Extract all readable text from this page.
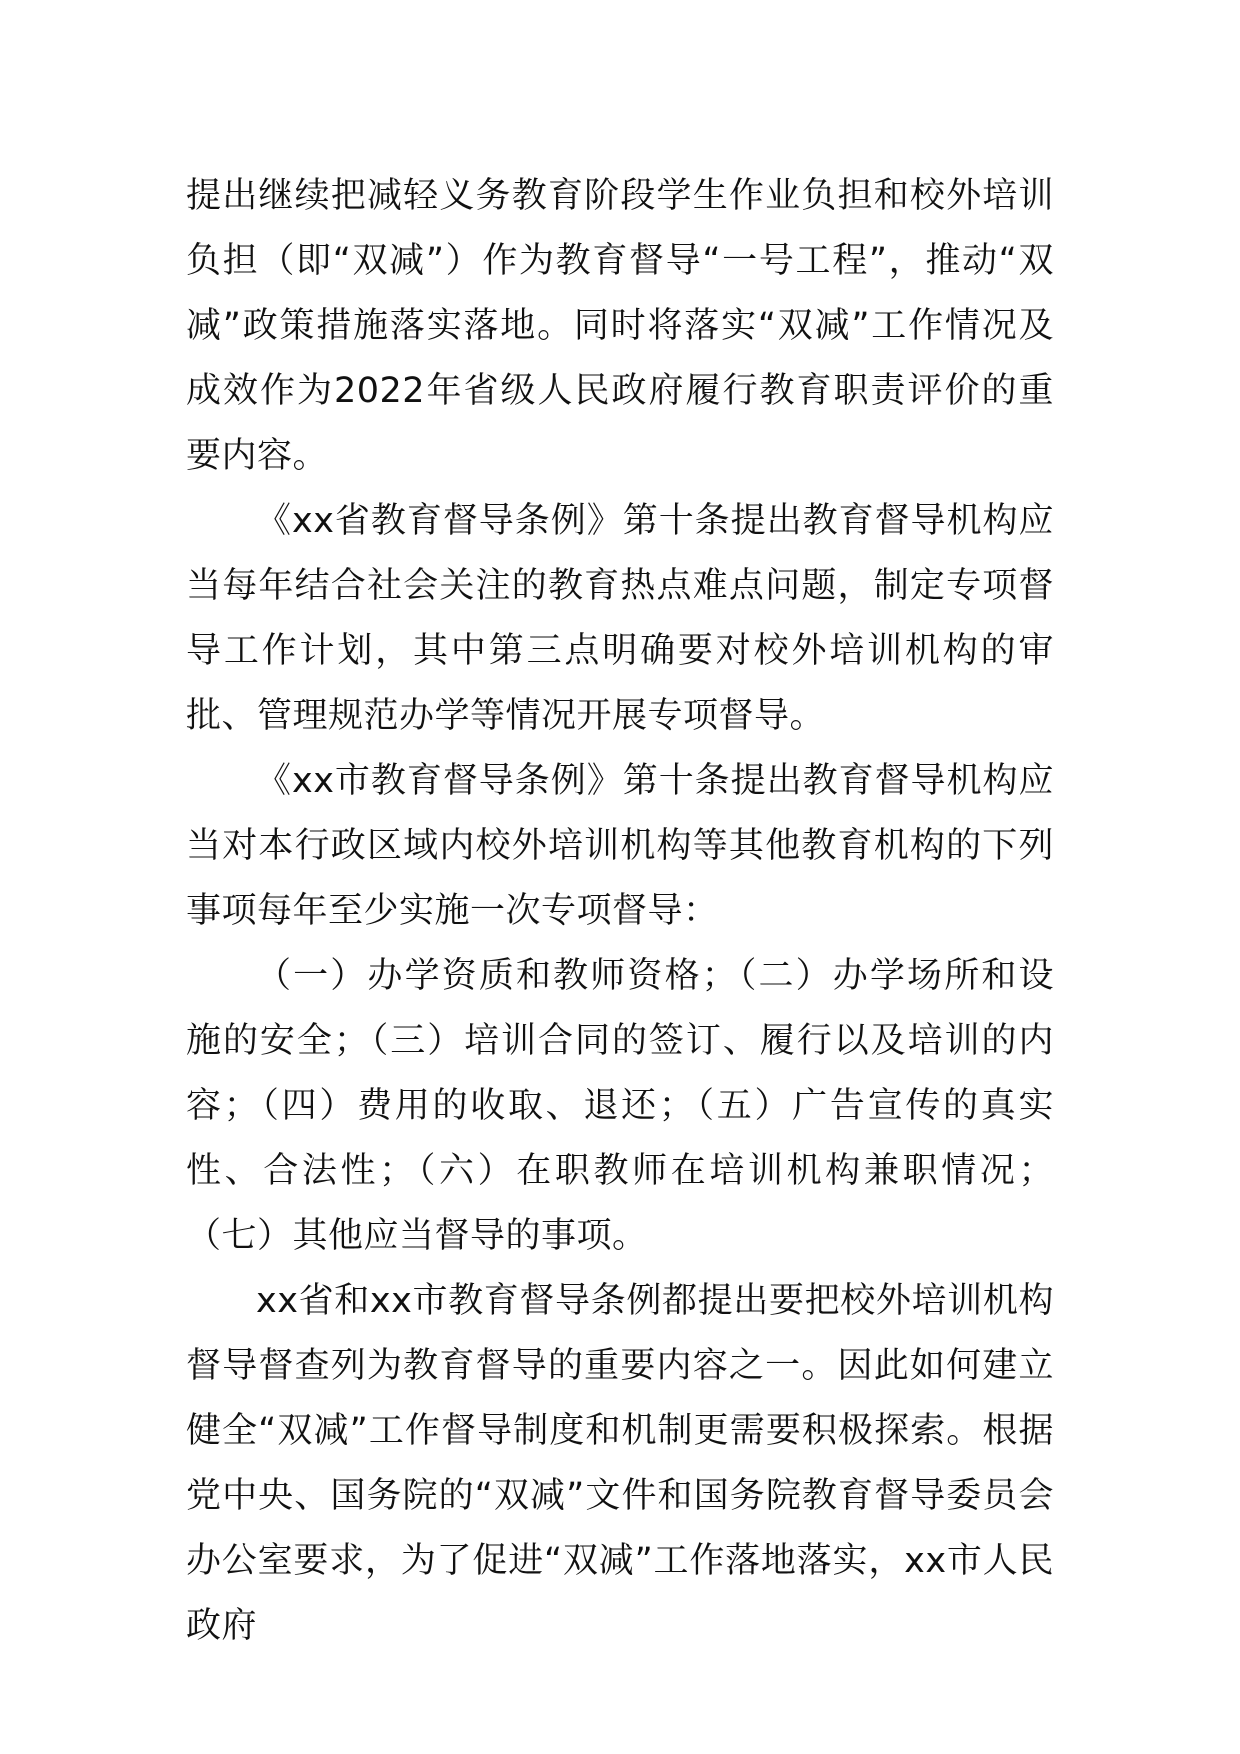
提出继续把减轻义务教育阶段学生作业负担和校外培训负担（即“双减”）作为教育督导“一号工程”，推动“双减”政策措施落实落地。同时将落实“双减”工作情况及成效作为2022年省级人民政府履行教育职责评价的重要内容。

《xx省教育督导条例》第十条提出教育督导机构应当每年结合社会关注的教育热点难点问题，制定专项督导工作计划，其中第三点明确要对校外培训机构的审批、管理规范办学等情况开展专项督导。

《xx市教育督导条例》第十条提出教育督导机构应当对本行政区域内校外培训机构等其他教育机构的下列事项每年至少实施一次专项督导：

（一）办学资质和教师资格；（二）办学场所和设施的安全；（三）培训合同的签订、履行以及培训的内容；（四）费用的收取、退还；（五）广告宣传的真实性、合法性；（六）在职教师在培训机构兼职情况；（七）其他应当督导的事项。

xx省和xx市教育督导条例都提出要把校外培训机构督导督查列为教育督导的重要内容之一。因此如何建立健全“双减”工作督导制度和机制更需要积极探索。根据党中央、国务院的“双减”文件和国务院教育督导委员会办公室要求，为了促进“双减”工作落地落实，xx市人民政府
